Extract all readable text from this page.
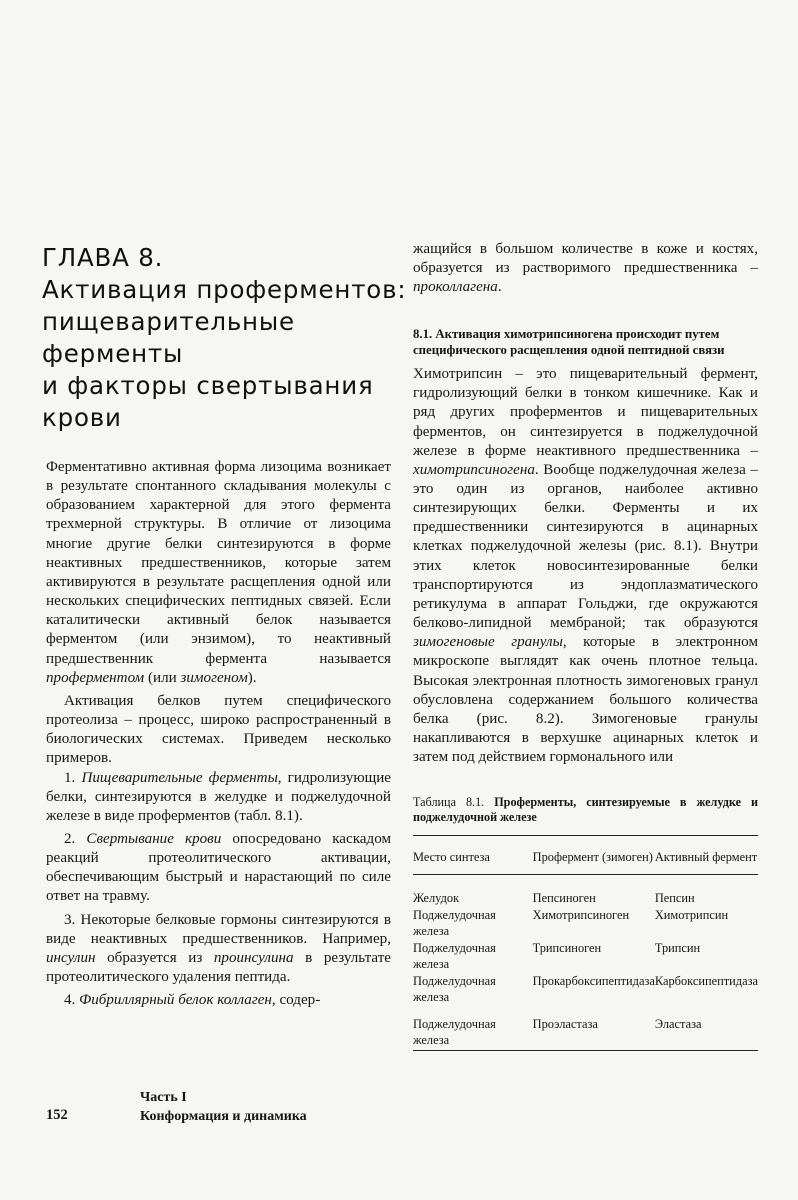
ГЛАВА 8.
Активация проферментов:
пищеварительные
ферменты
и факторы свертывания
крови

Ферментативно активная форма лизоцима возникает в результате спонтанного складывания молекулы с образованием характерной для этого фермента трехмерной структуры. В отличие от лизоцима многие другие белки синтезируются в форме неактивных предшественников, которые затем активируются в результате расщепления одной или нескольких специфических пептидных связей. Если каталитически активный белок называется ферментом (или энзимом), то неактивный предшественник фермента называется проферментом (или зимогеном).

Активация белков путем специфического протеолиза – процесс, широко распространенный в биологических системах. Приведем несколько примеров.

1. Пищеварительные ферменты, гидролизующие белки, синтезируются в желудке и поджелудочной железе в виде проферментов (табл. 8.1).

2. Свертывание крови опосредовано каскадом реакций протеолитического активации, обеспечивающим быстрый и нарастающий по силе ответ на травму.

3. Некоторые белковые гормоны синтезируются в виде неактивных предшественников. Например, инсулин образуется из проинсулина в результате протеолитического удаления пептида.

4. Фибриллярный белок коллаген, содер-

жащийся в большом количестве в коже и костях, образуется из растворимого предшественника – проколлагена.

8.1. Активация химотрипсиногена происходит путем специфического расщепления одной пептидной связи

Химотрипсин – это пищеварительный фермент, гидролизующий белки в тонком кишечнике. Как и ряд других проферментов и пищеварительных ферментов, он синтезируется в поджелудочной железе в форме неактивного предшественника – химотрипсиногена. Вообще поджелудочная железа – это один из органов, наиболее активно синтезирующих белки. Ферменты и их предшественники синтезируются в ацинарных клетках поджелудочной железы (рис. 8.1). Внутри этих клеток новосинтезированные белки транспортируются из эндоплазматического ретикулума в аппарат Гольджи, где окружаются белково-липидной мембраной; так образуются зимогеновые гранулы, которые в электронном микроскопе выглядят как очень плотное тельца. Высокая электронная плотность зимогеновых гранул обусловлена содержанием большого количества белка (рис. 8.2). Зимогеновые гранулы накапливаются в верхушке ацинарных клеток и затем под действием гормонального или

Таблица 8.1. Проферменты, синтезируемые в желудке и поджелудочной железе

Место синтеза	Профермент (зимоген)	Активный фермент
Желудок	Пепсиноген	Пепсин
Поджелудочная железа	Химотрипсиноген	Химотрипсин
Поджелудочная железа	Трипсиноген	Трипсин
Поджелудочная железа	Прокарбоксипептидаза	Карбоксипептидаза
Поджелудочная железа	Проэластаза	Эластаза
152
Часть I
Конформация и динамика
